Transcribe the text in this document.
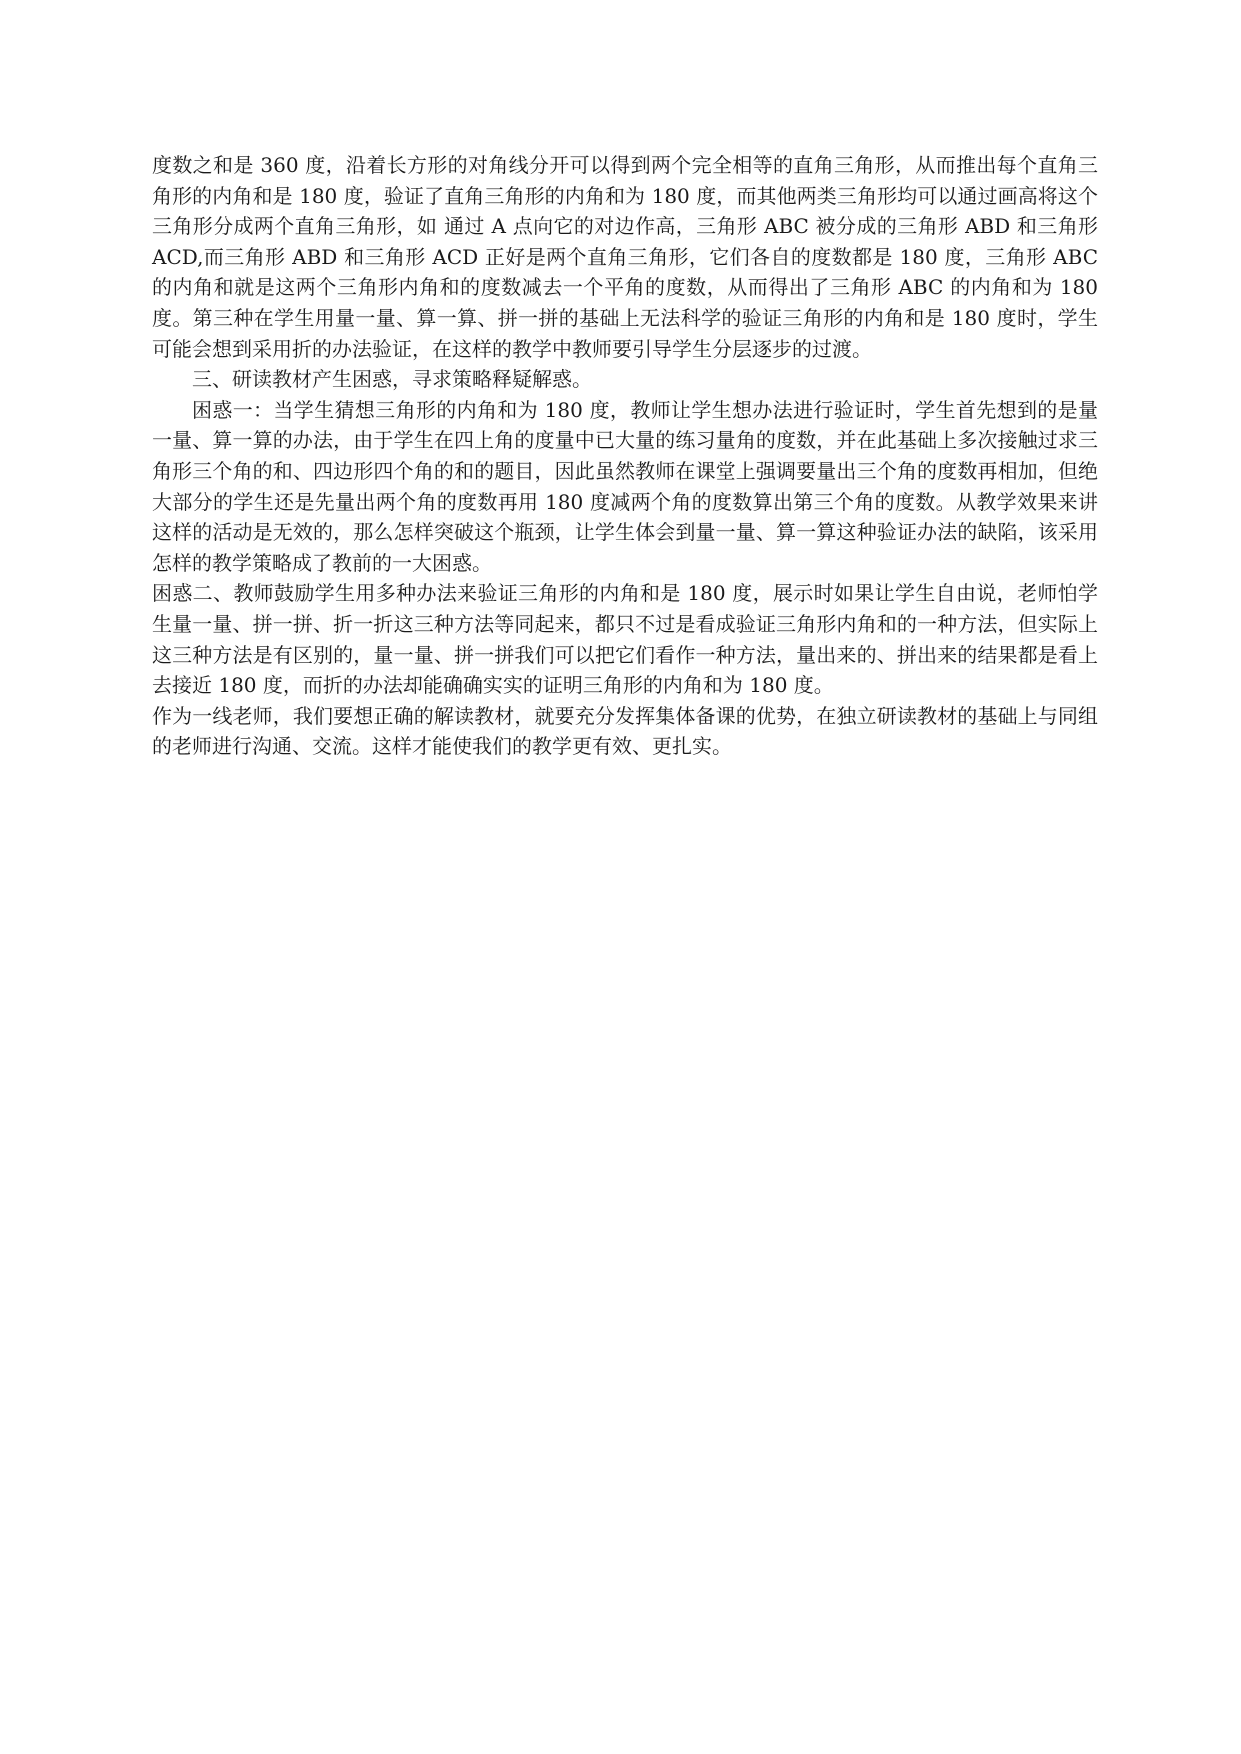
度数之和是 360 度，沿着长方形的对角线分开可以得到两个完全相等的直角三角形，从而推出每个直角三角形的内角和是 180 度，验证了直角三角形的内角和为 180 度，而其他两类三角形均可以通过画高将这个三角形分成两个直角三角形，如 通过 A 点向它的对边作高，三角形 ABC 被分成的三角形 ABD 和三角形 ACD,而三角形 ABD 和三角形 ACD 正好是两个直角三角形，它们各自的度数都是 180 度，三角形 ABC 的内角和就是这两个三角形内角和的度数减去一个平角的度数，从而得出了三角形 ABC 的内角和为 180 度。第三种在学生用量一量、算一算、拼一拼的基础上无法科学的验证三角形的内角和是 180 度时，学生可能会想到采用折的办法验证，在这样的教学中教师要引导学生分层逐步的过渡。

三、研读教材产生困惑，寻求策略释疑解惑。

困惑一：当学生猜想三角形的内角和为 180 度，教师让学生想办法进行验证时，学生首先想到的是量一量、算一算的办法，由于学生在四上角的度量中已大量的练习量角的度数，并在此基础上多次接触过求三角形三个角的和、四边形四个角的和的题目，因此虽然教师在课堂上强调要量出三个角的度数再相加，但绝大部分的学生还是先量出两个角的度数再用 180 度减两个角的度数算出第三个角的度数。从教学效果来讲这样的活动是无效的，那么怎样突破这个瓶颈，让学生体会到量一量、算一算这种验证办法的缺陷，该采用怎样的教学策略成了教前的一大困惑。

困惑二、教师鼓励学生用多种办法来验证三角形的内角和是 180 度，展示时如果让学生自由说，老师怕学生量一量、拼一拼、折一折这三种方法等同起来，都只不过是看成验证三角形内角和的一种方法，但实际上这三种方法是有区别的，量一量、拼一拼我们可以把它们看作一种方法，量出来的、拼出来的结果都是看上去接近 180 度，而折的办法却能确确实实的证明三角形的内角和为 180 度。

作为一线老师，我们要想正确的解读教材，就要充分发挥集体备课的优势，在独立研读教材的基础上与同组的老师进行沟通、交流。这样才能使我们的教学更有效、更扎实。
